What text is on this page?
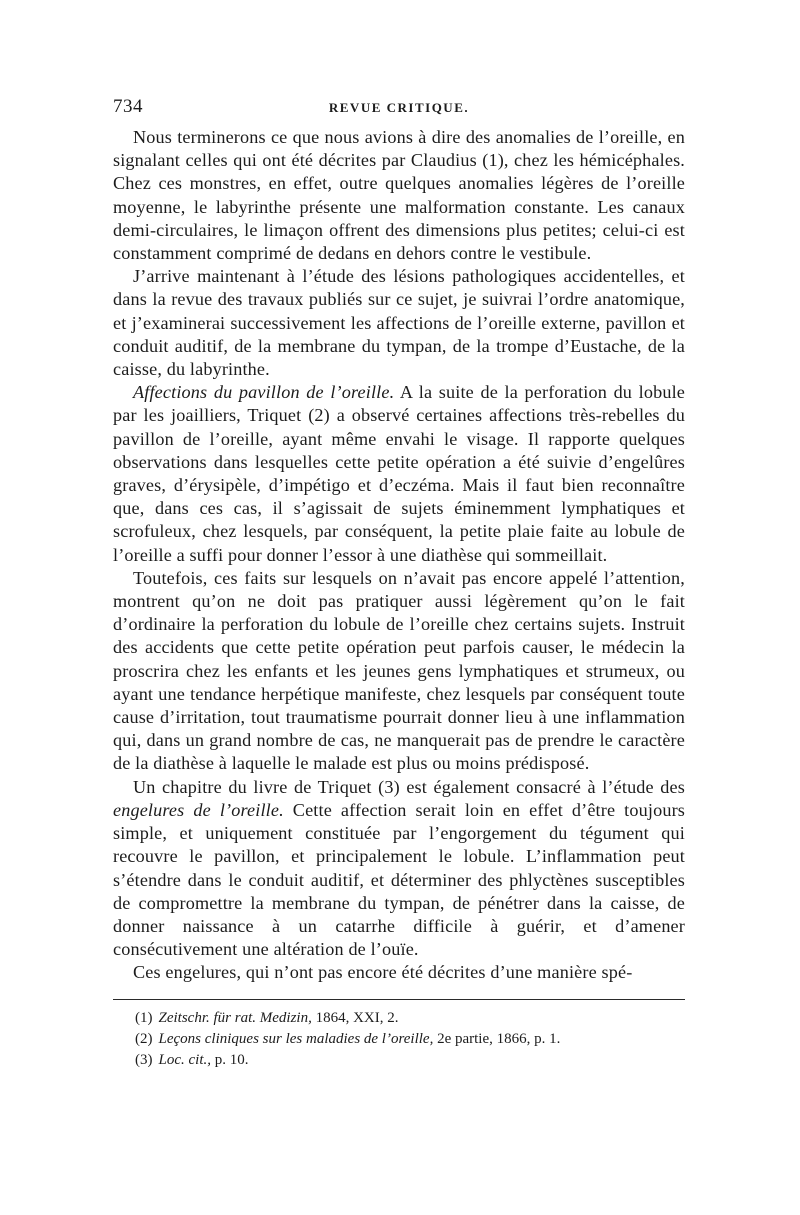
734	REVUE CRITIQUE.

Nous terminerons ce que nous avions à dire des anomalies de l’oreille, en signalant celles qui ont été décrites par Claudius (1), chez les hémicéphales. Chez ces monstres, en effet, outre quelques anomalies légères de l’oreille moyenne, le labyrinthe présente une malformation constante. Les canaux demi-circulaires, le limaçon offrent des dimensions plus petites; celui-ci est constamment comprimé de dedans en dehors contre le vestibule.

J’arrive maintenant à l’étude des lésions pathologiques accidentelles, et dans la revue des travaux publiés sur ce sujet, je suivrai l’ordre anatomique, et j’examinerai successivement les affections de l’oreille externe, pavillon et conduit auditif, de la membrane du tympan, de la trompe d’Eustache, de la caisse, du labyrinthe.

Affections du pavillon de l’oreille. A la suite de la perforation du lobule par les joailliers, Triquet (2) a observé certaines affections très-rebelles du pavillon de l’oreille, ayant même envahi le visage. Il rapporte quelques observations dans lesquelles cette petite opération a été suivie d’engelûres graves, d’érysipèle, d’impétigo et d’eczéma. Mais il faut bien reconnaître que, dans ces cas, il s’agissait de sujets éminemment lymphatiques et scrofuleux, chez lesquels, par conséquent, la petite plaie faite au lobule de l’oreille a suffi pour donner l’essor à une diathèse qui sommeillait.

Toutefois, ces faits sur lesquels on n’avait pas encore appelé l’attention, montrent qu’on ne doit pas pratiquer aussi légèrement qu’on le fait d’ordinaire la perforation du lobule de l’oreille chez certains sujets. Instruit des accidents que cette petite opération peut parfois causer, le médecin la proscrira chez les enfants et les jeunes gens lymphatiques et strumeux, ou ayant une tendance herpétique manifeste, chez lesquels par conséquent toute cause d’irritation, tout traumatisme pourrait donner lieu à une inflammation qui, dans un grand nombre de cas, ne manquerait pas de prendre le caractère de la diathèse à laquelle le malade est plus ou moins prédisposé.

Un chapitre du livre de Triquet (3) est également consacré à l’étude des engelures de l’oreille. Cette affection serait loin en effet d’être toujours simple, et uniquement constituée par l’engorgement du tégument qui recouvre le pavillon, et principalement le lobule. L’inflammation peut s’étendre dans le conduit auditif, et déterminer des phlyctènes susceptibles de compromettre la membrane du tympan, de pénétrer dans la caisse, de donner naissance à un catarrhe difficile à guérir, et d’amener consécutivement une altération de l’ouïe.

Ces engelures, qui n’ont pas encore été décrites d’une manière spé-

(1) Zeitschr. für rat. Medizin, 1864, XXI, 2.
(2) Leçons cliniques sur les maladies de l’oreille, 2e partie, 1866, p. 1.
(3) Loc. cit., p. 10.
